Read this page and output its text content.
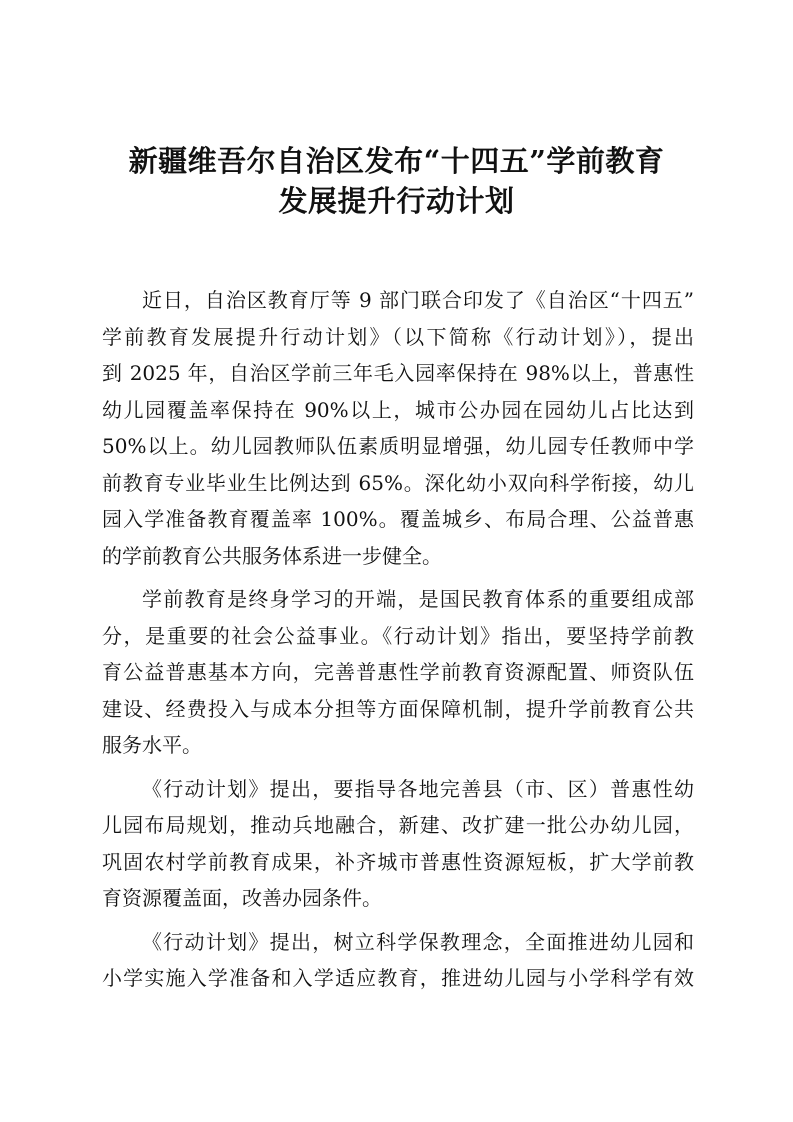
新疆维吾尔自治区发布“十四五”学前教育
发展提升行动计划
近日，自治区教育厅等 9 部门联合印发了《自治区“十四五”
学前教育发展提升行动计划》（以下简称《行动计划》），提出
到 2025 年，自治区学前三年毛入园率保持在 98%以上，普惠性
幼儿园覆盖率保持在 90%以上，城市公办园在园幼儿占比达到
50%以上。幼儿园教师队伍素质明显增强，幼儿园专任教师中学
前教育专业毕业生比例达到 65%。深化幼小双向科学衔接，幼儿
园入学准备教育覆盖率 100%。覆盖城乡、布局合理、公益普惠
的学前教育公共服务体系进一步健全。
学前教育是终身学习的开端，是国民教育体系的重要组成部
分，是重要的社会公益事业。《行动计划》指出，要坚持学前教
育公益普惠基本方向，完善普惠性学前教育资源配置、师资队伍
建设、经费投入与成本分担等方面保障机制，提升学前教育公共
服务水平。
《行动计划》提出，要指导各地完善县（市、区）普惠性幼
儿园布局规划，推动兵地融合，新建、改扩建一批公办幼儿园，
巩固农村学前教育成果，补齐城市普惠性资源短板，扩大学前教
育资源覆盖面，改善办园条件。
《行动计划》提出，树立科学保教理念，全面推进幼儿园和
小学实施入学准备和入学适应教育，推进幼儿园与小学科学有效
